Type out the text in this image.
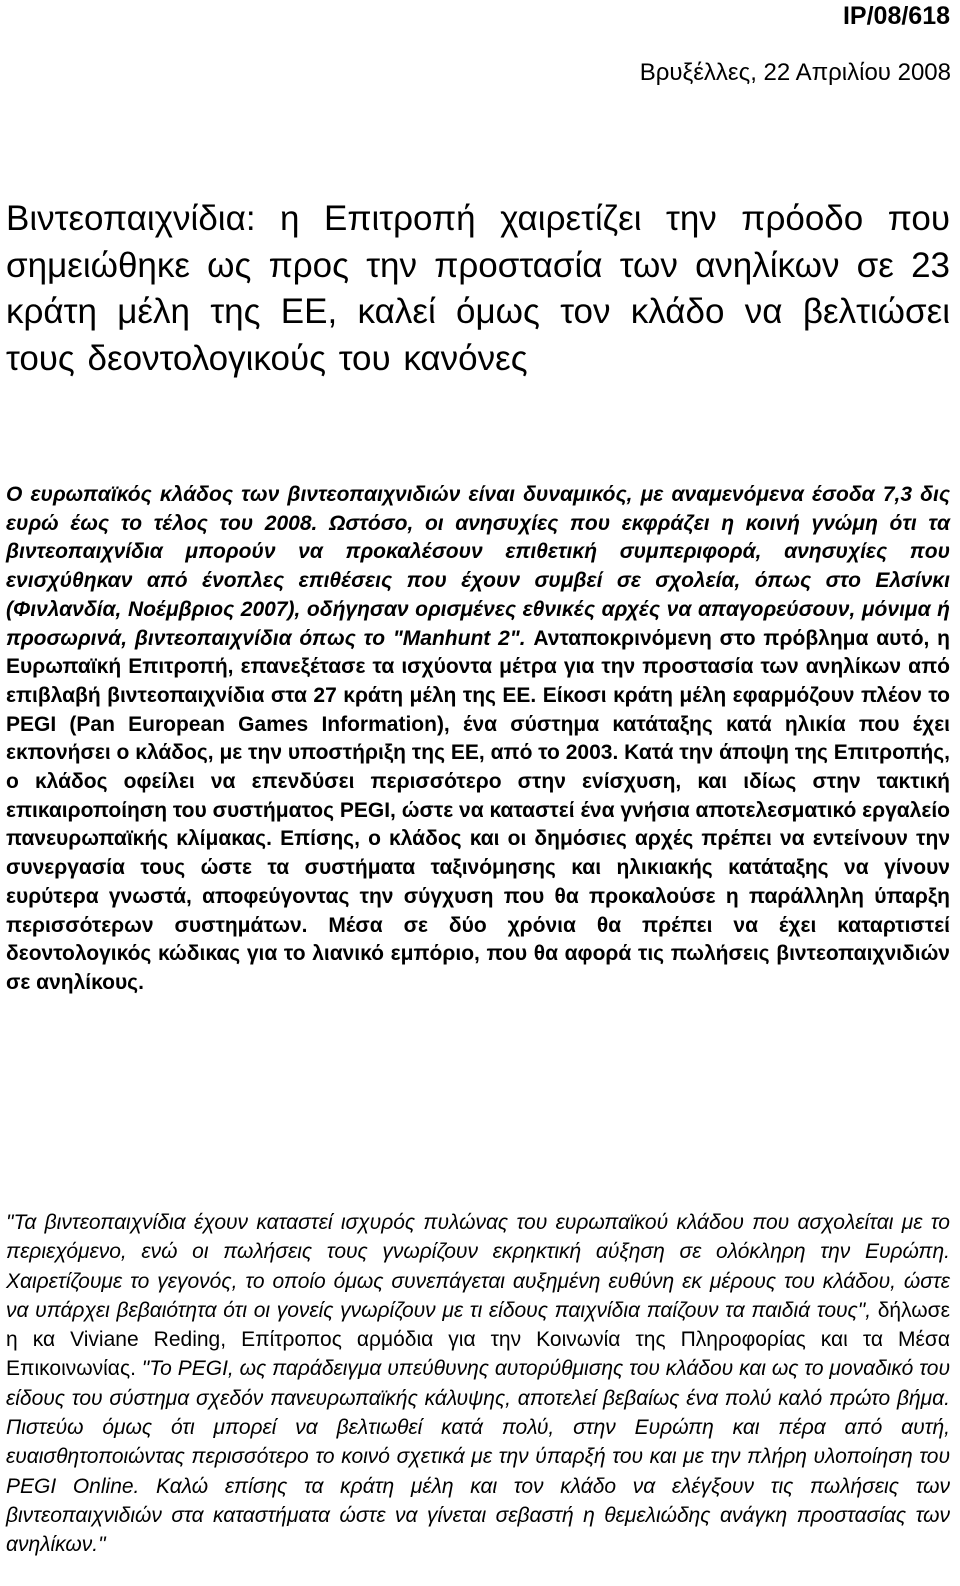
IP/08/618
Βρυξέλλες, 22 Απριλίου 2008
Βιντεοπαιχνίδια: η Επιτροπή χαιρετίζει την πρόοδο που σημειώθηκε ως προς την προστασία των ανηλίκων σε 23 κράτη μέλη της ΕΕ, καλεί όμως τον κλάδο να βελτιώσει τους δεοντολογικούς του κανόνες

Ο ευρωπαϊκός κλάδος των βιντεοπαιχνιδιών είναι δυναμικός, με αναμενόμενα έσοδα 7,3 δις ευρώ έως το τέλος του 2008. Ωστόσο, οι ανησυχίες που εκφράζει η κοινή γνώμη ότι τα βιντεοπαιχνίδια μπορούν να προκαλέσουν επιθετική συμπεριφορά, ανησυχίες που ενισχύθηκαν από ένοπλες επιθέσεις που έχουν συμβεί σε σχολεία, όπως στο Ελσίνκι (Φινλανδία, Νοέμβριος 2007), οδήγησαν ορισμένες εθνικές αρχές να απαγορεύσουν, μόνιμα ή προσωρινά, βιντεοπαιχνίδια όπως το "Manhunt 2". Ανταποκρινόμενη στο πρόβλημα αυτό, η Ευρωπαϊκή Επιτροπή, επανεξέτασε τα ισχύοντα μέτρα για την προστασία των ανηλίκων από επιβλαβή βιντεοπαιχνίδια στα 27 κράτη μέλη της ΕΕ. Είκοσι κράτη μέλη εφαρμόζουν πλέον το PEGI (Pan European Games Information), ένα σύστημα κατάταξης κατά ηλικία που έχει εκπονήσει ο κλάδος, με την υποστήριξη της ΕΕ, από το 2003. Κατά την άποψη της Επιτροπής, ο κλάδος οφείλει να επενδύσει περισσότερο στην ενίσχυση, και ιδίως στην τακτική επικαιροποίηση του συστήματος PEGI, ώστε να καταστεί ένα γνήσια αποτελεσματικό εργαλείο πανευρωπαϊκής κλίμακας. Επίσης, ο κλάδος και οι δημόσιες αρχές πρέπει να εντείνουν την συνεργασία τους ώστε τα συστήματα ταξινόμησης και ηλικιακής κατάταξης να γίνουν ευρύτερα γνωστά, αποφεύγοντας την σύγχυση που θα προκαλούσε η παράλληλη ύπαρξη περισσότερων συστημάτων. Μέσα σε δύο χρόνια θα πρέπει να έχει καταρτιστεί δεοντολογικός κώδικας για το λιανικό εμπόριο, που θα αφορά τις πωλήσεις βιντεοπαιχνιδιών σε ανηλίκους.

"Τα βιντεοπαιχνίδια έχουν καταστεί ισχυρός πυλώνας του ευρωπαϊκού κλάδου που ασχολείται με το περιεχόμενο, ενώ οι πωλήσεις τους γνωρίζουν εκρηκτική αύξηση σε ολόκληρη την Ευρώπη. Χαιρετίζουμε το γεγονός, το οποίο όμως συνεπάγεται αυξημένη ευθύνη εκ μέρους του κλάδου, ώστε να υπάρχει βεβαιότητα ότι οι γονείς γνωρίζουν με τι είδους παιχνίδια παίζουν τα παιδιά τους", δήλωσε η κα Viviane Reding, Επίτροπος αρμόδια για την Κοινωνία της Πληροφορίας και τα Μέσα Επικοινωνίας. "Το PEGI, ως παράδειγμα υπεύθυνης αυτορύθμισης του κλάδου και ως το μοναδικό του είδους του σύστημα σχεδόν πανευρωπαϊκής κάλυψης, αποτελεί βεβαίως ένα πολύ καλό πρώτο βήμα. Πιστεύω όμως ότι μπορεί να βελτιωθεί κατά πολύ, στην Ευρώπη και πέρα από αυτή, ευαισθητοποιώντας περισσότερο το κοινό σχετικά με την ύπαρξή του και με την πλήρη υλοποίηση του PEGI Online. Καλώ επίσης τα κράτη μέλη και τον κλάδο να ελέγξουν τις πωλήσεις των βιντεοπαιχνιδιών στα καταστήματα ώστε να γίνεται σεβαστή η θεμελιώδης ανάγκη προστασίας των ανηλίκων."
